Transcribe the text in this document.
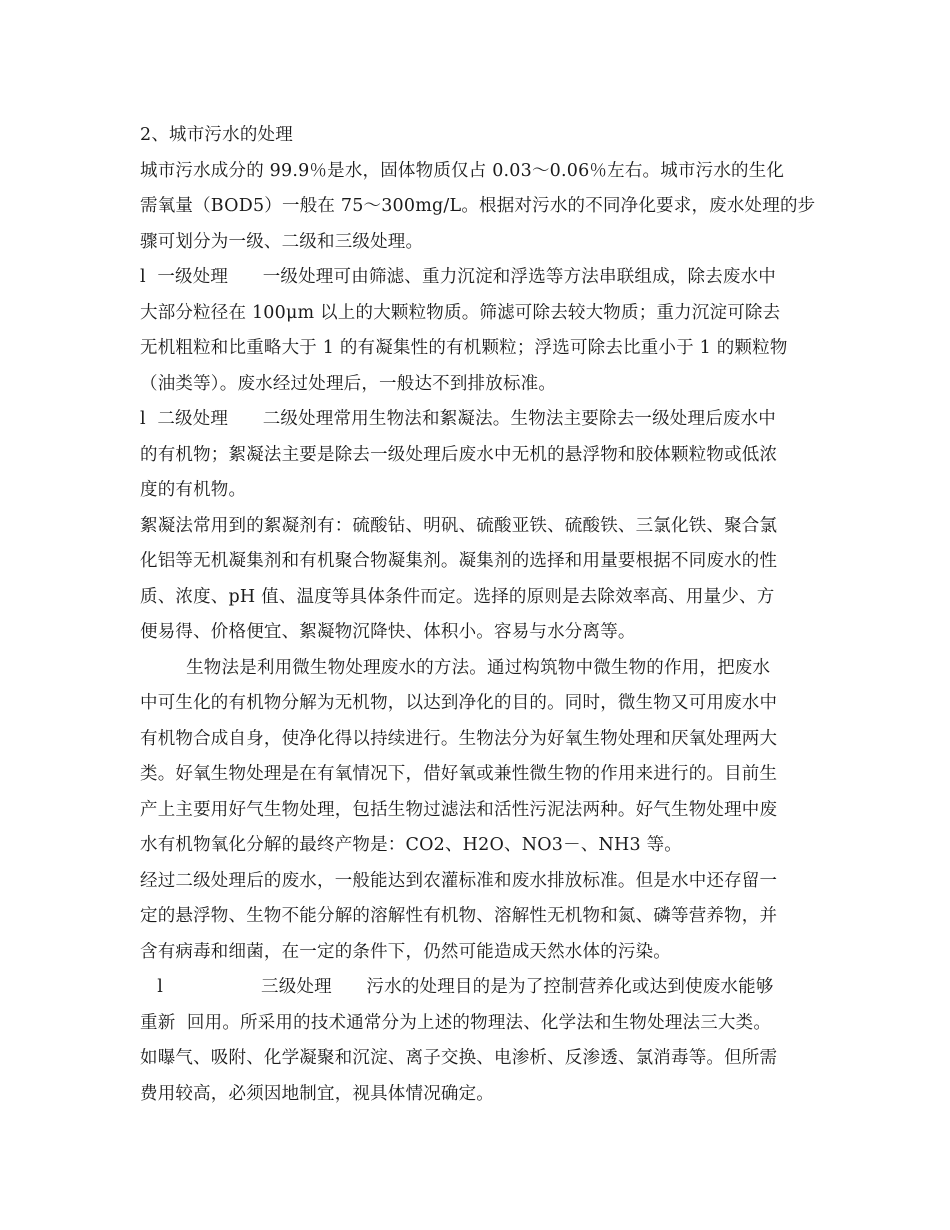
2、城市污水的处理
城市污水成分的 99.9％是水，固体物质仅占 0.03～0.06％左右。城市污水的生化
需氧量（BOD5）一般在 75～300mg/L。根据对污水的不同净化要求，废水处理的步
骤可划分为一级、二级和三级处理。
l  一级处理      一级处理可由筛滤、重力沉淀和浮选等方法串联组成，除去废水中
大部分粒径在 100μm 以上的大颗粒物质。筛滤可除去较大物质；重力沉淀可除去
无机粗粒和比重略大于 1 的有凝集性的有机颗粒；浮选可除去比重小于 1 的颗粒物
（油类等）。废水经过处理后，一般达不到排放标准。
l  二级处理      二级处理常用生物法和絮凝法。生物法主要除去一级处理后废水中
的有机物；絮凝法主要是除去一级处理后废水中无机的悬浮物和胶体颗粒物或低浓
度的有机物。
絮凝法常用到的絮凝剂有：硫酸钻、明矾、硫酸亚铁、硫酸铁、三氯化铁、聚合氯
化铝等无机凝集剂和有机聚合物凝集剂。凝集剂的选择和用量要根据不同废水的性
质、浓度、pH 值、温度等具体条件而定。选择的原则是去除效率高、用量少、方
便易得、价格便宜、絮凝物沉降快、体积小。容易与水分离等。
生物法是利用微生物处理废水的方法。通过构筑物中微生物的作用，把废水
中可生化的有机物分解为无机物，以达到净化的目的。同时，微生物又可用废水中
有机物合成自身，使净化得以持续进行。生物法分为好氧生物处理和厌氧处理两大
类。好氧生物处理是在有氧情况下，借好氧或兼性微生物的作用来进行的。目前生
产上主要用好气生物处理，包括生物过滤法和活性污泥法两种。好气生物处理中废
水有机物氧化分解的最终产物是：CO2、H2O、NO3－、NH3 等。
经过二级处理后的废水，一般能达到农灌标准和废水排放标准。但是水中还存留一
定的悬浮物、生物不能分解的溶解性有机物、溶解性无机物和氮、磷等营养物，并
含有病毒和细菌，在一定的条件下，仍然可能造成天然水体的污染。
l                 三级处理      污水的处理目的是为了控制营养化或达到使废水能够
重新  回用。所采用的技术通常分为上述的物理法、化学法和生物处理法三大类。
如曝气、吸附、化学凝聚和沉淀、离子交换、电渗析、反渗透、氯消毒等。但所需
费用较高，必须因地制宜，视具体情况确定。
